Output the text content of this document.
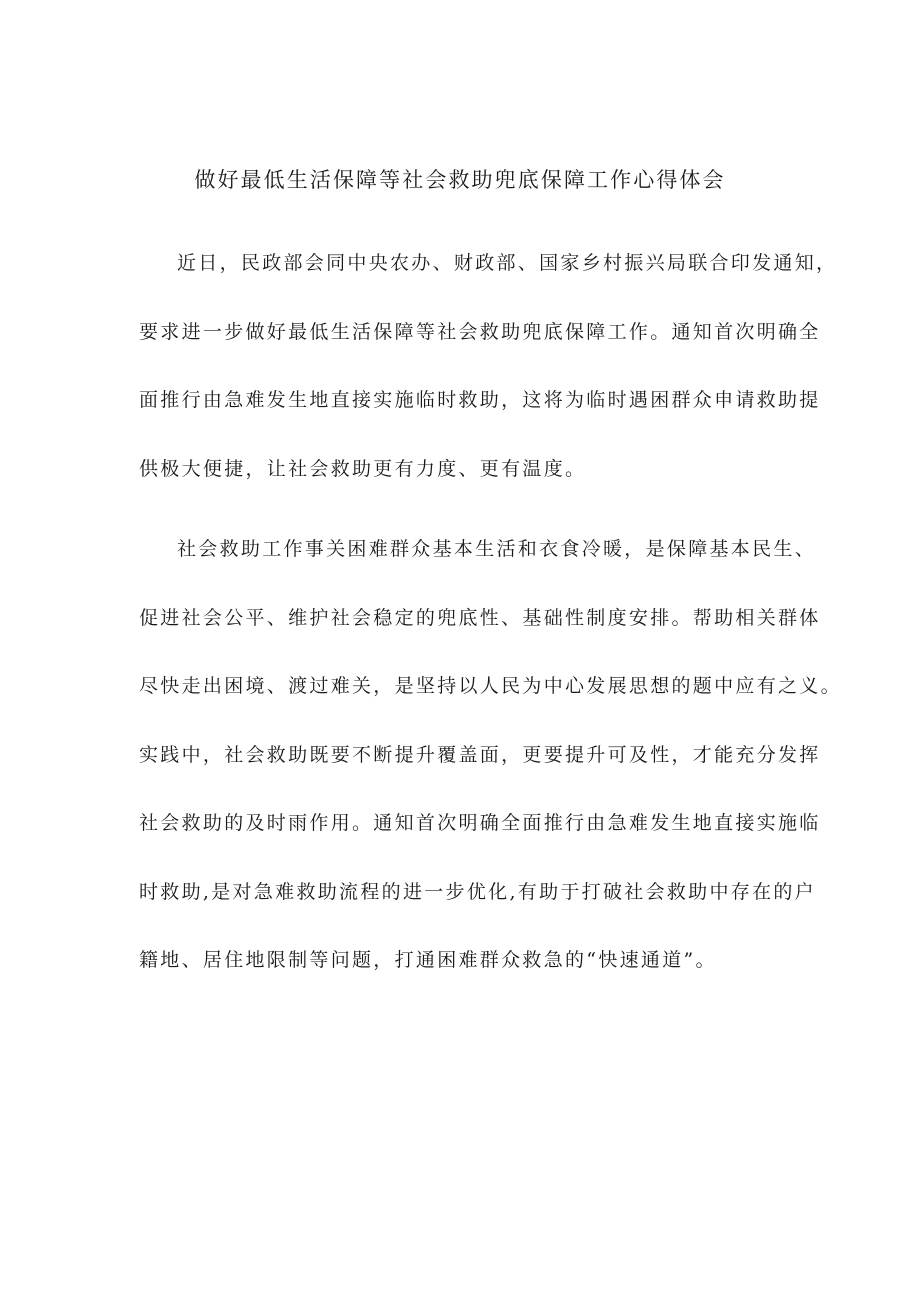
做好最低生活保障等社会救助兜底保障工作心得体会
近日，民政部会同中央农办、财政部、国家乡村振兴局联合印发通知，
要求进一步做好最低生活保障等社会救助兜底保障工作。通知首次明确全
面推行由急难发生地直接实施临时救助，这将为临时遇困群众申请救助提
供极大便捷，让社会救助更有力度、更有温度。
社会救助工作事关困难群众基本生活和衣食冷暖，是保障基本民生、
促进社会公平、维护社会稳定的兜底性、基础性制度安排。帮助相关群体
尽快走出困境、渡过难关，是坚持以人民为中心发展思想的题中应有之义。
实践中，社会救助既要不断提升覆盖面，更要提升可及性，才能充分发挥
社会救助的及时雨作用。通知首次明确全面推行由急难发生地直接实施临
时救助,是对急难救助流程的进一步优化,有助于打破社会救助中存在的户
籍地、居住地限制等问题，打通困难群众救急的“快速通道”。
